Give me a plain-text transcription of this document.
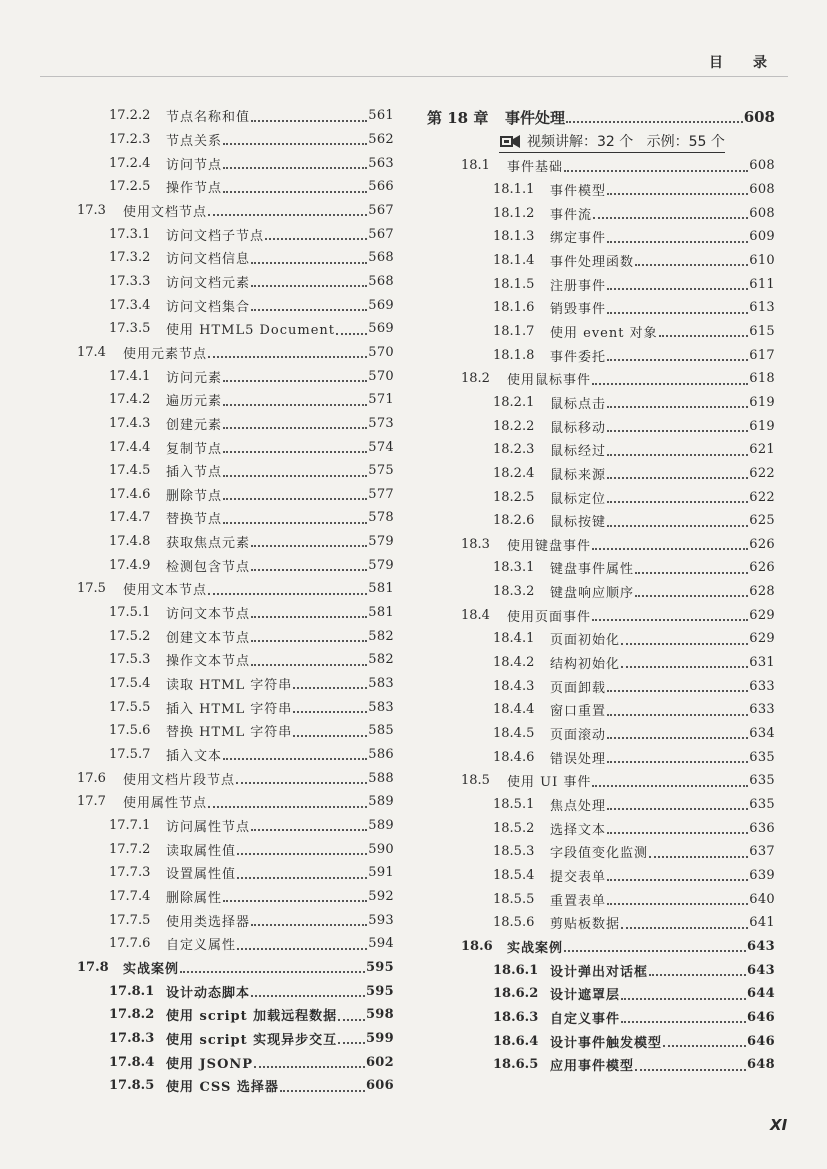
目录
17.2.2	节点名称和值	561
17.2.3	节点关系	562
17.2.4	访问节点	563
17.2.5	操作节点	566
17.3	使用文档节点	567
17.3.1	访问文档子节点	567
17.3.2	访问文档信息	568
17.3.3	访问文档元素	568
17.3.4	访问文档集合	569
17.3.5	使用 HTML5 Document	569
17.4	使用元素节点	570
17.4.1	访问元素	570
17.4.2	遍历元素	571
17.4.3	创建元素	573
17.4.4	复制节点	574
17.4.5	插入节点	575
17.4.6	删除节点	577
17.4.7	替换节点	578
17.4.8	获取焦点元素	579
17.4.9	检测包含节点	579
17.5	使用文本节点	581
17.5.1	访问文本节点	581
17.5.2	创建文本节点	582
17.5.3	操作文本节点	582
17.5.4	读取 HTML 字符串	583
17.5.5	插入 HTML 字符串	583
17.5.6	替换 HTML 字符串	585
17.5.7	插入文本	586
17.6	使用文档片段节点	588
17.7	使用属性节点	589
17.7.1	访问属性节点	589
17.7.2	读取属性值	590
17.7.3	设置属性值	591
17.7.4	删除属性	592
17.7.5	使用类选择器	593
17.7.6	自定义属性	594
17.8	实战案例	595
17.8.1 设计动态脚本	595
17.8.2 使用 script 加载远程数据 598
17.8.3 使用 script 实现异步交互 599
17.8.4 使用 JSONP	602
17.8.5 使用 CSS 选择器	606
第 18 章	事件处理	608
视频讲解：32 个   示例：55 个
18.1	事件基础	608
18.1.1	事件模型	608
18.1.2	事件流	608
18.1.3	绑定事件	609
18.1.4	事件处理函数	610
18.1.5	注册事件	611
18.1.6	销毁事件	613
18.1.7	使用 event 对象	615
18.1.8	事件委托	617
18.2	使用鼠标事件	618
18.2.1	鼠标点击	619
18.2.2	鼠标移动	619
18.2.3	鼠标经过	621
18.2.4	鼠标来源	622
18.2.5	鼠标定位	622
18.2.6	鼠标按键	625
18.3	使用键盘事件	626
18.3.1	键盘事件属性	626
18.3.2	键盘响应顺序	628
18.4	使用页面事件	629
18.4.1	页面初始化	629
18.4.2	结构初始化	631
18.4.3	页面卸载	633
18.4.4	窗口重置	633
18.4.5	页面滚动	634
18.4.6	错误处理	635
18.5	使用 UI 事件	635
18.5.1	焦点处理	635
18.5.2	选择文本	636
18.5.3	字段值变化监测	637
18.5.4	提交表单	639
18.5.5	重置表单	640
18.5.6	剪贴板数据	641
18.6	实战案例	643
18.6.1 设计弹出对话框	643
18.6.2 设计遮罩层	644
18.6.3 自定义事件	646
18.6.4 设计事件触发模型	646
18.6.5 应用事件模型	648
XI
